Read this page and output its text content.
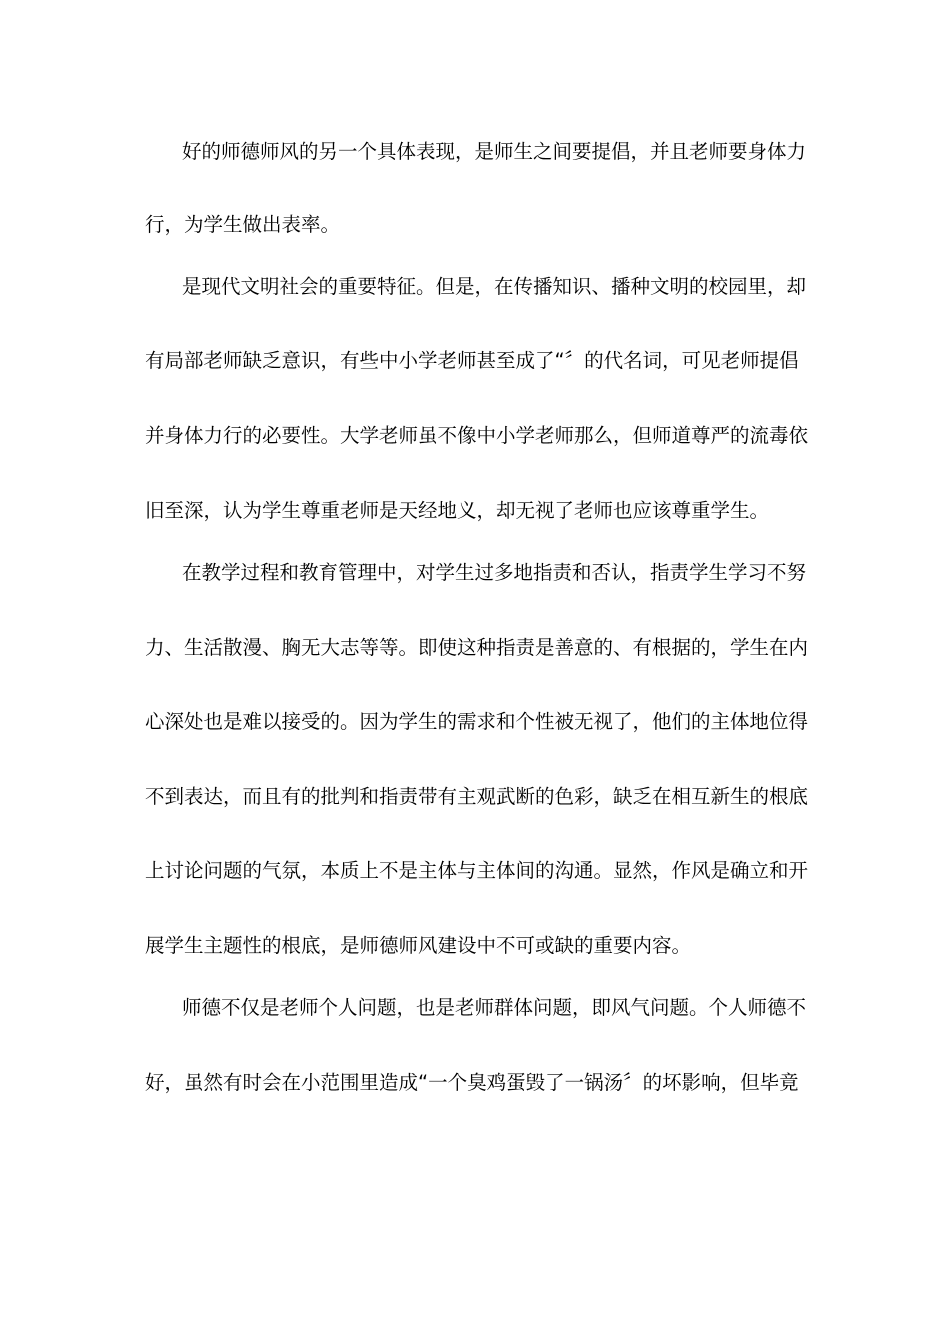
好的师德师风的另一个具体表现，是师生之间要提倡，并且老师要身体力
行，为学生做出表率。
是现代文明社会的重要特征。但是，在传播知识、播种文明的校园里，却
有局部老师缺乏意识，有些中小学老师甚至成了“〞的代名词，可见老师提倡
并身体力行的必要性。大学老师虽不像中小学老师那么，但师道尊严的流毒依
旧至深，认为学生尊重老师是天经地义，却无视了老师也应该尊重学生。
在教学过程和教育管理中，对学生过多地指责和否认，指责学生学习不努
力、生活散漫、胸无大志等等。即使这种指责是善意的、有根据的，学生在内
心深处也是难以接受的。因为学生的需求和个性被无视了，他们的主体地位得
不到表达，而且有的批判和指责带有主观武断的色彩，缺乏在相互新生的根底
上讨论问题的气氛，本质上不是主体与主体间的沟通。显然，作风是确立和开
展学生主题性的根底，是师德师风建设中不可或缺的重要内容。
师德不仅是老师个人问题，也是老师群体问题，即风气问题。个人师德不
好，虽然有时会在小范围里造成“一个臭鸡蛋毁了一锅汤〞的坏影响，但毕竟
